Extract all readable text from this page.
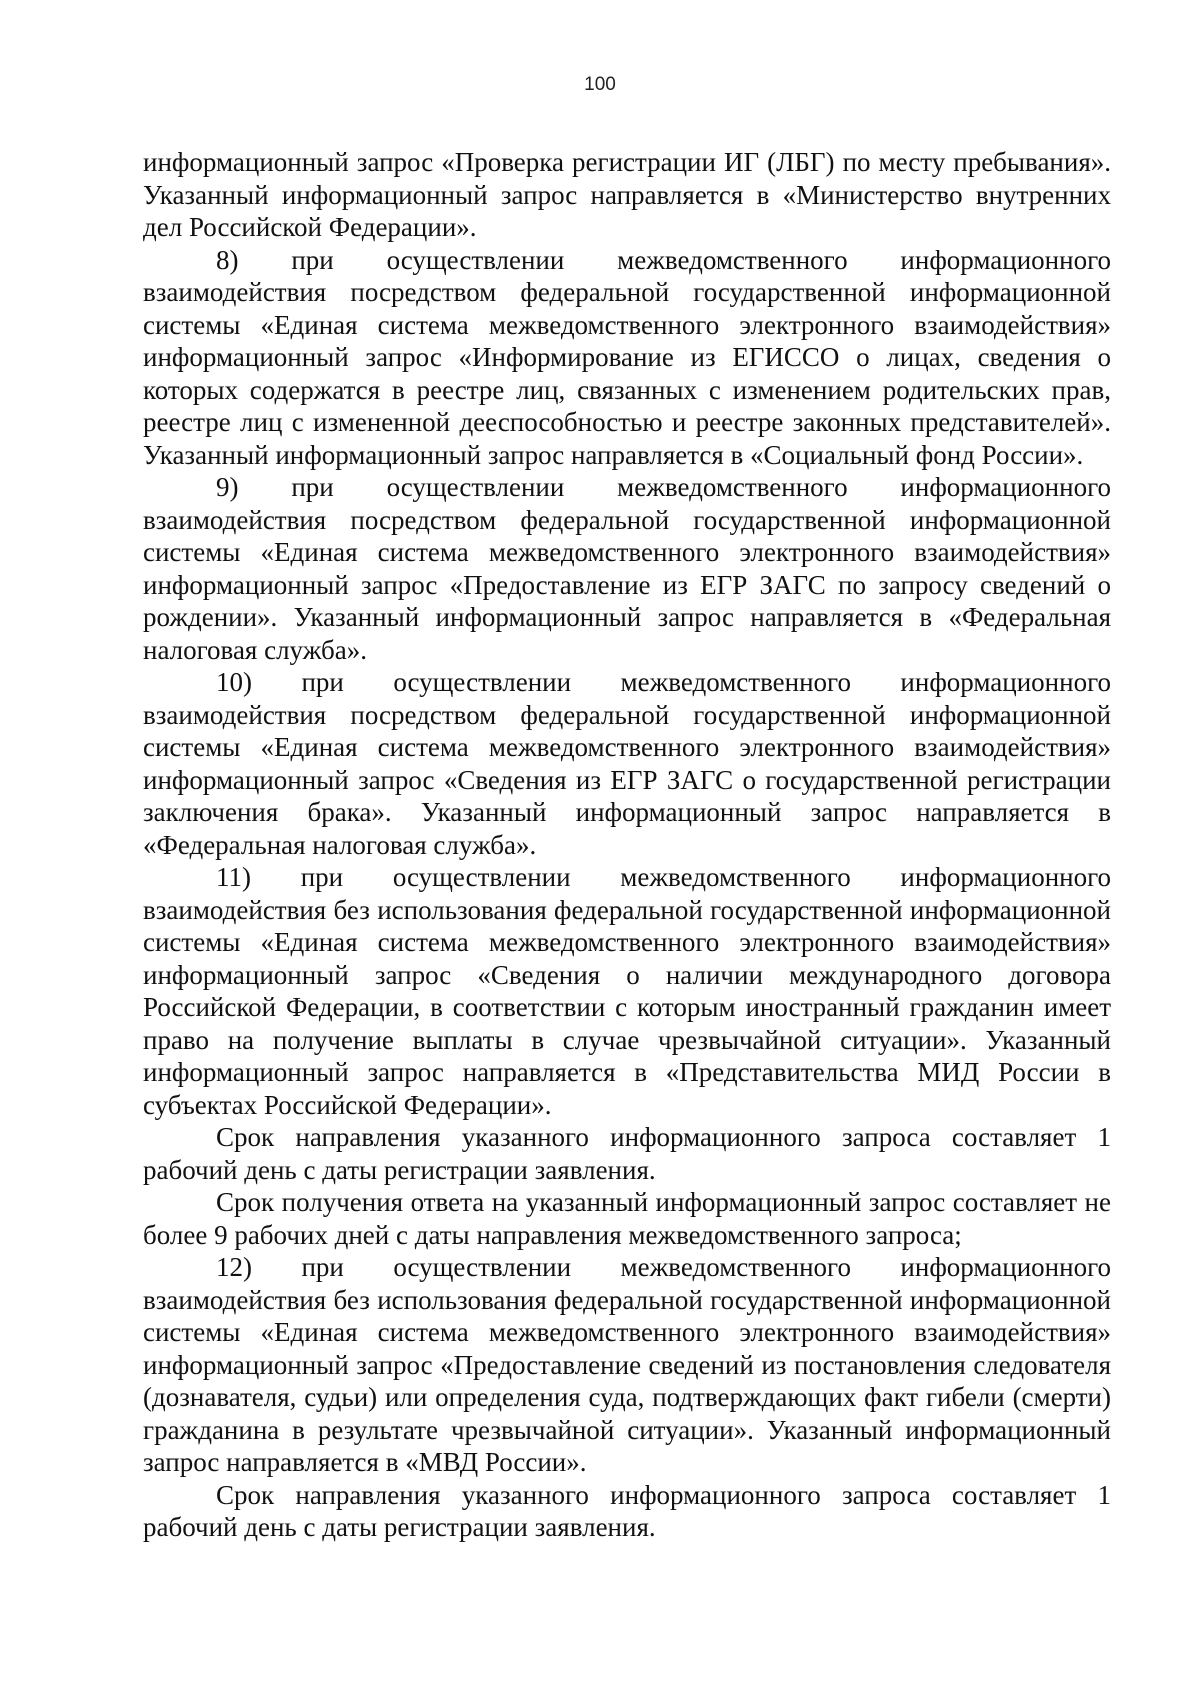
100

информационный запрос «Проверка регистрации ИГ (ЛБГ) по месту пребывания». Указанный информационный запрос направляется в «Министерство внутренних дел Российской Федерации».

8) при осуществлении межведомственного информационного взаимодействия посредством федеральной государственной информационной системы «Единая система межведомственного электронного взаимодействия» информационный запрос «Информирование из ЕГИССО о лицах, сведения о которых содержатся в реестре лиц, связанных с изменением родительских прав, реестре лиц с измененной дееспособностью и реестре законных представителей». Указанный информационный запрос направляется в «Социальный фонд России».

9) при осуществлении межведомственного информационного взаимодействия посредством федеральной государственной информационной системы «Единая система межведомственного электронного взаимодействия» информационный запрос «Предоставление из ЕГР ЗАГС по запросу сведений о рождении». Указанный информационный запрос направляется в «Федеральная налоговая служба».

10) при осуществлении межведомственного информационного взаимодействия посредством федеральной государственной информационной системы «Единая система межведомственного электронного взаимодействия» информационный запрос «Сведения из ЕГР ЗАГС о государственной регистрации заключения брака». Указанный информационный запрос направляется в «Федеральная налоговая служба».

11) при осуществлении межведомственного информационного взаимодействия без использования федеральной государственной информационной системы «Единая система межведомственного электронного взаимодействия» информационный запрос «Сведения о наличии международного договора Российской Федерации, в соответствии с которым иностранный гражданин имеет право на получение выплаты в случае чрезвычайной ситуации». Указанный информационный запрос направляется в «Представительства МИД России в субъектах Российской Федерации».

Срок направления указанного информационного запроса составляет 1 рабочий день с даты регистрации заявления.

Срок получения ответа на указанный информационный запрос составляет не более 9 рабочих дней с даты направления межведомственного запроса;

12) при осуществлении межведомственного информационного взаимодействия без использования федеральной государственной информационной системы «Единая система межведомственного электронного взаимодействия» информационный запрос «Предоставление сведений из постановления следователя (дознавателя, судьи) или определения суда, подтверждающих факт гибели (смерти) гражданина в результате чрезвычайной ситуации». Указанный информационный запрос направляется в «МВД России».

Срок направления указанного информационного запроса составляет 1 рабочий день с даты регистрации заявления.
